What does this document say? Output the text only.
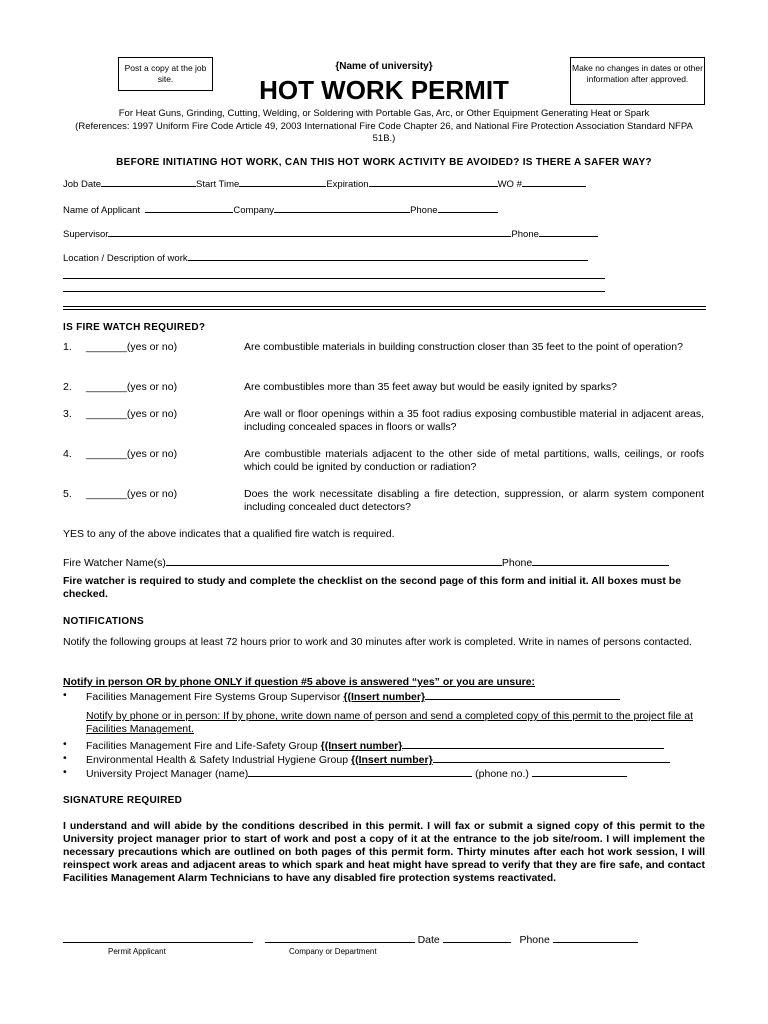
Post a copy at the job site.
Make no changes in dates or other information after approved.
{Name of university}
HOT WORK PERMIT
For Heat Guns, Grinding, Cutting, Welding, or Soldering with Portable Gas, Arc, or Other Equipment Generating Heat or Spark
(References: 1997 Uniform Fire Code Article 49, 2003 International Fire Code Chapter 26, and National Fire Protection Association Standard NFPA 51B.)
BEFORE INITIATING HOT WORK, CAN THIS HOT WORK ACTIVITY BE AVOIDED? IS THERE A SAFER WAY?
Job Date	Start Time	Expiration	WO #
Name of Applicant	Company	Phone
Supervisor	Phone
Location / Description of work
IS FIRE WATCH REQUIRED?
1. _______(yes or no)	Are combustible materials in building construction closer than 35 feet to the point of operation?
2. _______(yes or no)	Are combustibles more than 35 feet away but would be easily ignited by sparks?
3. _______(yes or no)	Are wall or floor openings within a 35 foot radius exposing combustible material in adjacent areas, including concealed spaces in floors or walls?
4. _______(yes or no)	Are combustible materials adjacent to the other side of metal partitions, walls, ceilings, or roofs which could be ignited by conduction or radiation?
5. _______(yes or no)	Does the work necessitate disabling a fire detection, suppression, or alarm system component including concealed duct detectors?
YES to any of the above indicates that a qualified fire watch is required.
Fire Watcher Name(s)	Phone
Fire watcher is required to study and complete the checklist on the second page of this form and initial it. All boxes must be checked.
NOTIFICATIONS
Notify the following groups at least 72 hours prior to work and 30 minutes after work is completed. Write in names of persons contacted.
Notify in person OR by phone ONLY if question #5 above is answered “yes” or you are unsure:
•	Facilities Management Fire Systems Group Supervisor {(Insert number}
Notify by phone or in person: If by phone, write down name of person and send a completed copy of this permit to the project file at Facilities Management.
•	Facilities Management Fire and Life-Safety Group {(Insert number}
•	Environmental Health & Safety Industrial Hygiene Group {(Insert number}
•	University Project Manager (name)	(phone no.)
SIGNATURE REQUIRED
I understand and will abide by the conditions described in this permit. I will fax or submit a signed copy of this permit to the University project manager prior to start of work and post a copy of it at the entrance to the job site/room. I will implement the necessary precautions which are outlined on both pages of this permit form. Thirty minutes after each hot work session, I will reinspect work areas and adjacent areas to which spark and heat might have spread to verify that they are fire safe, and contact Facilities Management Alarm Technicians to have any disabled fire protection systems reactivated.
Date	Phone
Permit Applicant	Company or Department
